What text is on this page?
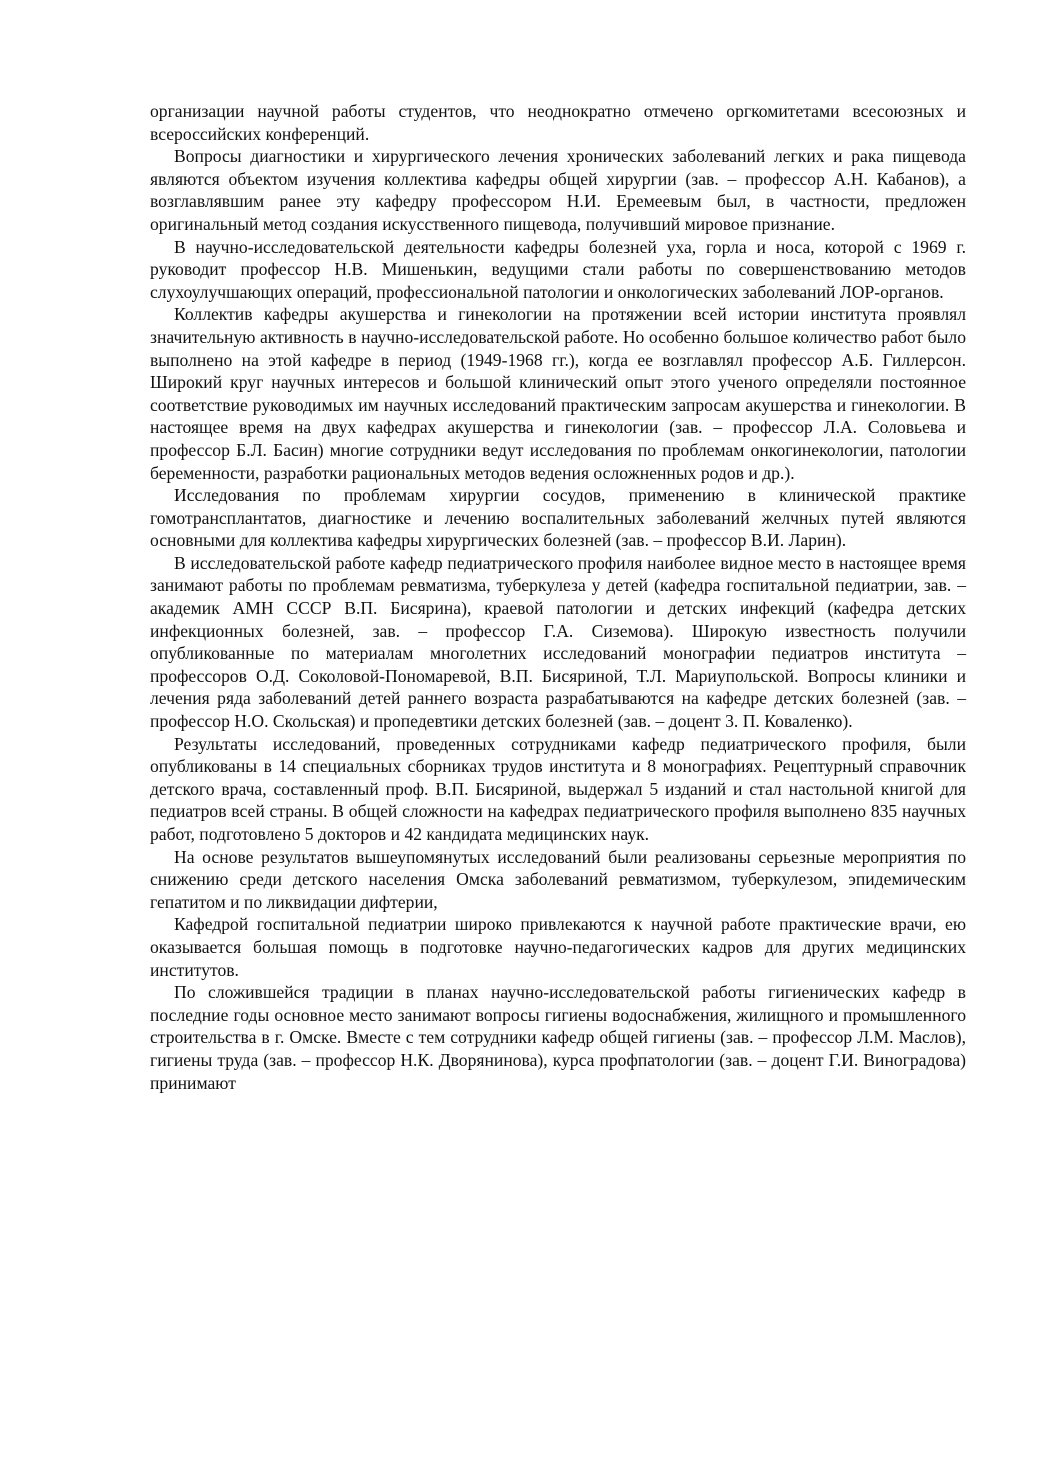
организации научной работы студентов, что неоднократно отмечено оргкомитетами всесоюзных и всероссийских конференций.

Вопросы диагностики и хирургического лечения хронических заболеваний легких и рака пищевода являются объектом изучения коллектива кафедры общей хирургии (зав. – профессор А.Н. Кабанов), а возглавлявшим ранее эту кафедру профессором Н.И. Еремеевым был, в частности, предложен оригинальный метод создания искусственного пищевода, получивший мировое признание.

В научно-исследовательской деятельности кафедры болезней уха, горла и носа, которой с 1969 г. руководит профессор Н.В. Мишенькин, ведущими стали работы по совершенствованию методов слухоулучшающих операций, профессиональной патологии и онкологических заболеваний ЛОР-органов.

Коллектив кафедры акушерства и гинекологии на протяжении всей истории института проявлял значительную активность в научно-исследовательской работе. Но особенно большое количество работ было выполнено на этой кафедре в период (1949-1968 гг.), когда ее возглавлял профессор А.Б. Гиллерсон. Широкий круг научных интересов и большой клинический опыт этого ученого определяли постоянное соответствие руководимых им научных исследований практическим запросам акушерства и гинекологии. В настоящее время на двух кафедрах акушерства и гинекологии (зав. – профессор Л.А. Соловьева и профессор Б.Л. Басин) многие сотрудники ведут исследования по проблемам онкогинекологии, патологии беременности, разработки рациональных методов ведения осложненных родов и др.).

Исследования по проблемам хирургии сосудов, применению в клинической практике гомотрансплантатов, диагностике и лечению воспалительных заболеваний желчных путей являются основными для коллектива кафедры хирургических болезней (зав. – профессор В.И. Ларин).

В исследовательской работе кафедр педиатрического профиля наиболее видное место в настоящее время занимают работы по проблемам ревматизма, туберкулеза у детей (кафедра госпитальной педиатрии, зав. – академик АМН СССР В.П. Бисярина), краевой патологии и детских инфекций (кафедра детских инфекционных болезней, зав. – профессор Г.А. Сиземова). Широкую известность получили опубликованные по материалам многолетних исследований монографии педиатров института – профессоров О.Д. Соколовой-Пономаревой, В.П. Бисяриной, Т.Л. Мариупольской. Вопросы клиники и лечения ряда заболеваний детей раннего возраста разрабатываются на кафедре детских болезней (зав. – профессор Н.О. Скольская) и пропедевтики детских болезней (зав. – доцент 3. П. Коваленко).

Результаты исследований, проведенных сотрудниками кафедр педиатрического профиля, были опубликованы в 14 специальных сборниках трудов института и 8 монографиях. Рецептурный справочник детского врача, составленный проф. В.П. Бисяриной, выдержал 5 изданий и стал настольной книгой для педиатров всей страны. В общей сложности на кафедрах педиатрического профиля выполнено 835 научных работ, подготовлено 5 докторов и 42 кандидата медицинских наук.

На основе результатов вышеупомянутых исследований были реализованы серьезные мероприятия по снижению среди детского населения Омска заболеваний ревматизмом, туберкулезом, эпидемическим гепатитом и по ликвидации дифтерии,

Кафедрой госпитальной педиатрии широко привлекаются к научной работе практические врачи, ею оказывается большая помощь в подготовке научно-педагогических кадров для других медицинских институтов.

По сложившейся традиции в планах научно-исследовательской работы гигиенических кафедр в последние годы основное место занимают вопросы гигиены водоснабжения, жилищного и промышленного строительства в г. Омске. Вместе с тем сотрудники кафедр общей гигиены (зав. – профессор Л.М. Маслов), гигиены труда (зав. – профессор Н.К. Дворянинова), курса профпатологии (зав. – доцент Г.И. Виноградова) принимают
